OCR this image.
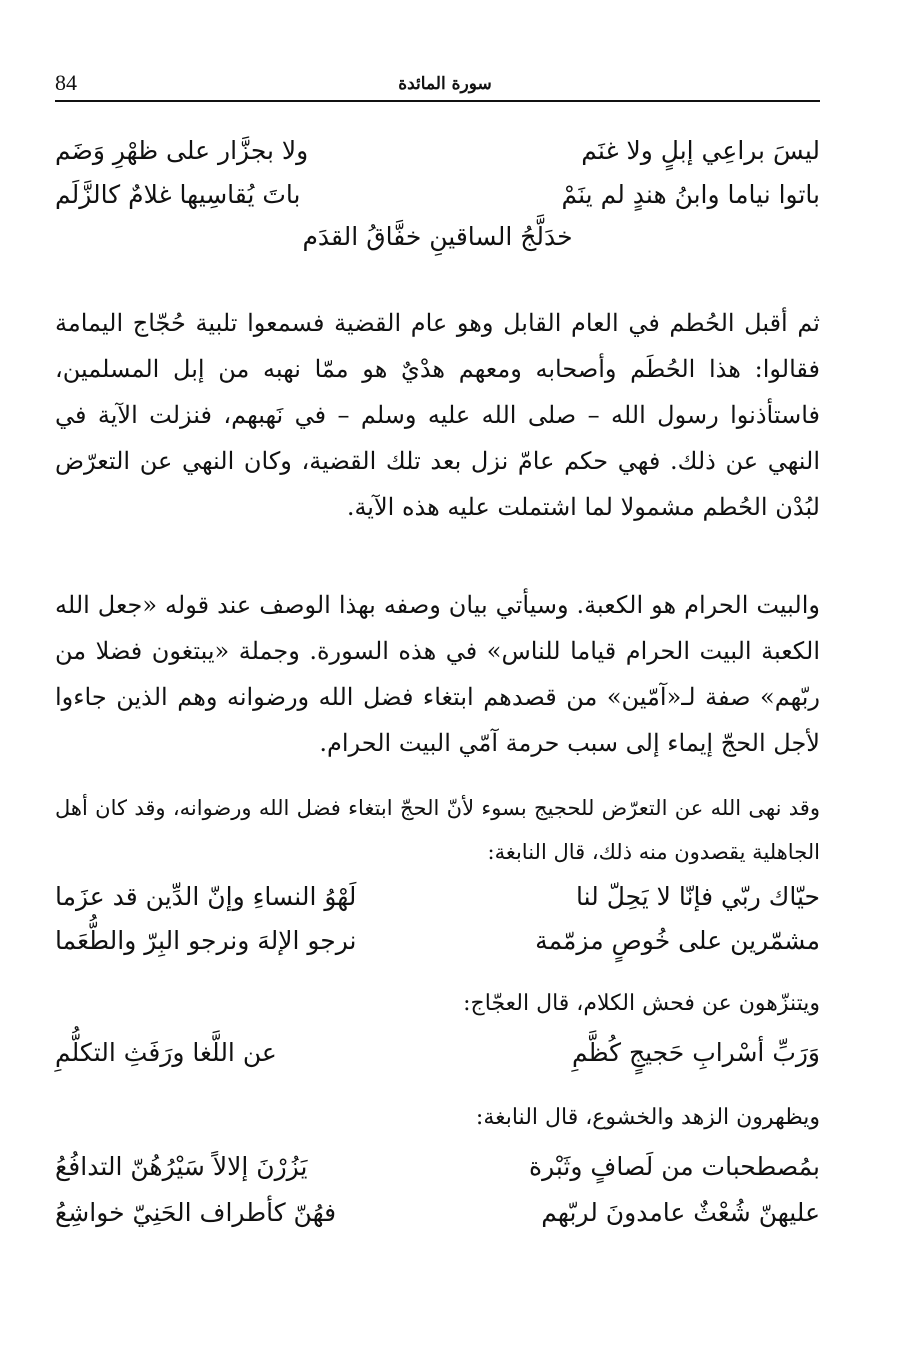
84	سورة المائدة
ليسَ براعِي إبلٍ ولا غنَم
ولا بجزَّار على ظهْرِ وَضَم
باتوا نياما وابنُ هندٍ لم ينَمْ
باتَ يُقاسِيها غلامٌ كالزَّلَم
خدَلَّجُ الساقينِ خفَّاقُ القدَم
ثم أقبل الحُطم في العام القابل وهو عام القضية فسمعوا تلبية حُجّاج اليمامة فقالوا: هذا الحُطَم وأصحابه ومعهم هدْيٌ هو ممّا نهبه من إبل المسلمين، فاستأذنوا رسول الله – صلى الله عليه وسلم – في نَهبهم، فنزلت الآية في النهي عن ذلك. فهي حكم عامّ نزل بعد تلك القضية، وكان النهي عن التعرّض لبُدْن الحُطم مشمولا لما اشتملت عليه هذه الآية.
والبيت الحرام هو الكعبة. وسيأتي بيان وصفه بهذا الوصف عند قوله «جعل الله الكعبة البيت الحرام قياما للناس» في هذه السورة. وجملة «يبتغون فضلا من ربّهم» صفة لـ«آمّين» من قصدهم ابتغاء فضل الله ورضوانه وهم الذين جاءوا لأجل الحجّ إيماء إلى سبب حرمة آمّي البيت الحرام.
وقد نهى الله عن التعرّض للحجيج بسوء لأنّ الحجّ ابتغاء فضل الله ورضوانه، وقد كان أهل الجاهلية يقصدون منه ذلك، قال النابغة:
حيّاك ربّي فإنّا لا يَحِلّ لنا
لَهْوُ النساءِ وإنّ الدِّين قد عزَما
مشمّرين على خُوصٍ مزمّمة
نرجو الإلهَ ونرجو البِرّ والطُّعَما
ويتنزّهون عن فحش الكلام، قال العجّاج:
وَرَبِّ أسْرابِ حَجيجٍ كُظَّمِ
عن اللَّغا ورَفَثِ التكلُّمِ
ويظهرون الزهد والخشوع، قال النابغة:
بمُصطحبات من لَصافٍ وثَبْرة
يَزُرْنَ إلالاً سَيْرُهُنّ التدافُعُ
عليهنّ شُعْثٌ عامدونَ لربّهم
فهُنّ كأطراف الحَنِيّ خواشِعُ
